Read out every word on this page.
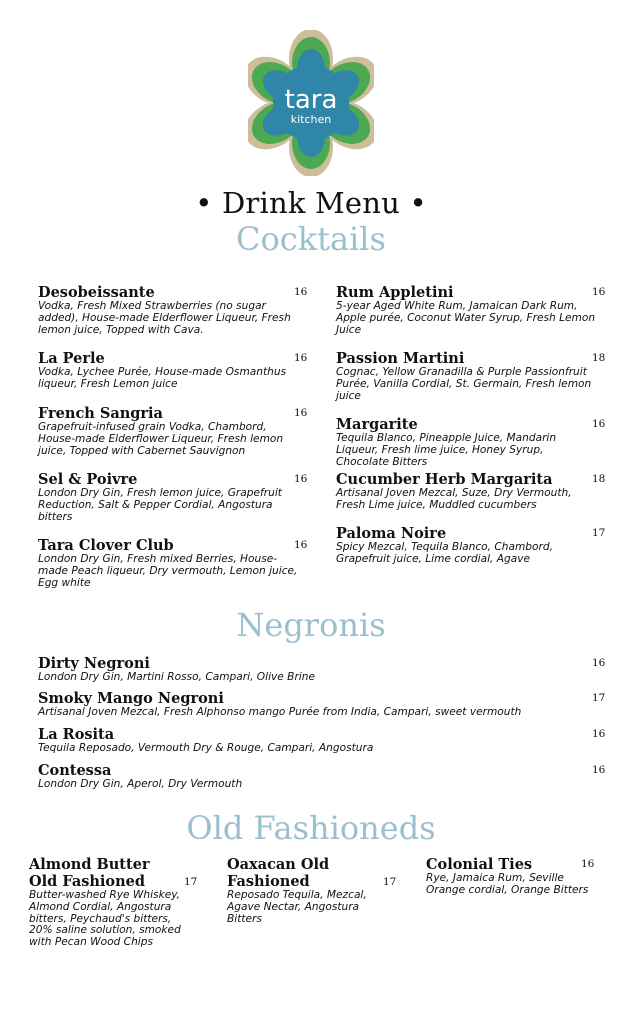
tara
kitchen
• Drink Menu •
Cocktails
Desobeissante
Vodka, Fresh Mixed Strawberries (no sugar added), House-made Elderflower Liqueur, Fresh lemon juice, Topped with Cava.
16
La Perle
Vodka, Lychee Purée, House-made Osmanthus liqueur, Fresh Lemon juice
16
French Sangria
Grapefruit-infused grain Vodka, Chambord, House-made Elderflower Liqueur, Fresh lemon juice, Topped with Cabernet Sauvignon
16
Sel & Poivre
London Dry Gin, Fresh lemon juice, Grapefruit Reduction, Salt & Pepper Cordial, Angostura bitters
16
Tara Clover Club
London Dry Gin, Fresh mixed Berries, House-made Peach liqueur, Dry vermouth, Lemon juice, Egg white
16
Rum Appletini
5-year Aged White Rum, Jamaican Dark Rum, Apple purée, Coconut Water Syrup, Fresh Lemon Juice
16
Passion Martini
Cognac, Yellow Granadilla & Purple Passionfruit Purée, Vanilla Cordial, St. Germain, Fresh lemon juice
18
Margarite
Tequila Blanco, Pineapple Juice, Mandarin Liqueur, Fresh lime juice, Honey Syrup, Chocolate Bitters
16
Cucumber Herb Margarita
Artisanal Joven Mezcal, Suze, Dry Vermouth, Fresh Lime juice, Muddled cucumbers
18
Paloma Noire
Spicy Mezcal, Tequila Blanco, Chambord, Grapefruit juice, Lime cordial, Agave
17
Negronis
Dirty Negroni
London Dry Gin, Martini Rosso, Campari, Olive Brine
16
Smoky Mango Negroni
Artisanal Joven Mezcal, Fresh Alphonso mango Purée from India, Campari, sweet vermouth
17
La Rosita
Tequila Reposado, Vermouth Dry & Rouge, Campari, Angostura
16
Contessa
London Dry Gin, Aperol, Dry Vermouth
16
Old Fashioneds
Almond Butter Old Fashioned
Butter-washed Rye Whiskey, Almond Cordial, Angostura bitters, Peychaud's bitters, 20% saline solution, smoked with Pecan Wood Chips
17
Oaxacan Old Fashioned
Reposado Tequila, Mezcal, Agave Nectar, Angostura Bitters
17
Colonial Ties
Rye, Jamaica Rum, Seville Orange cordial, Orange Bitters
16
